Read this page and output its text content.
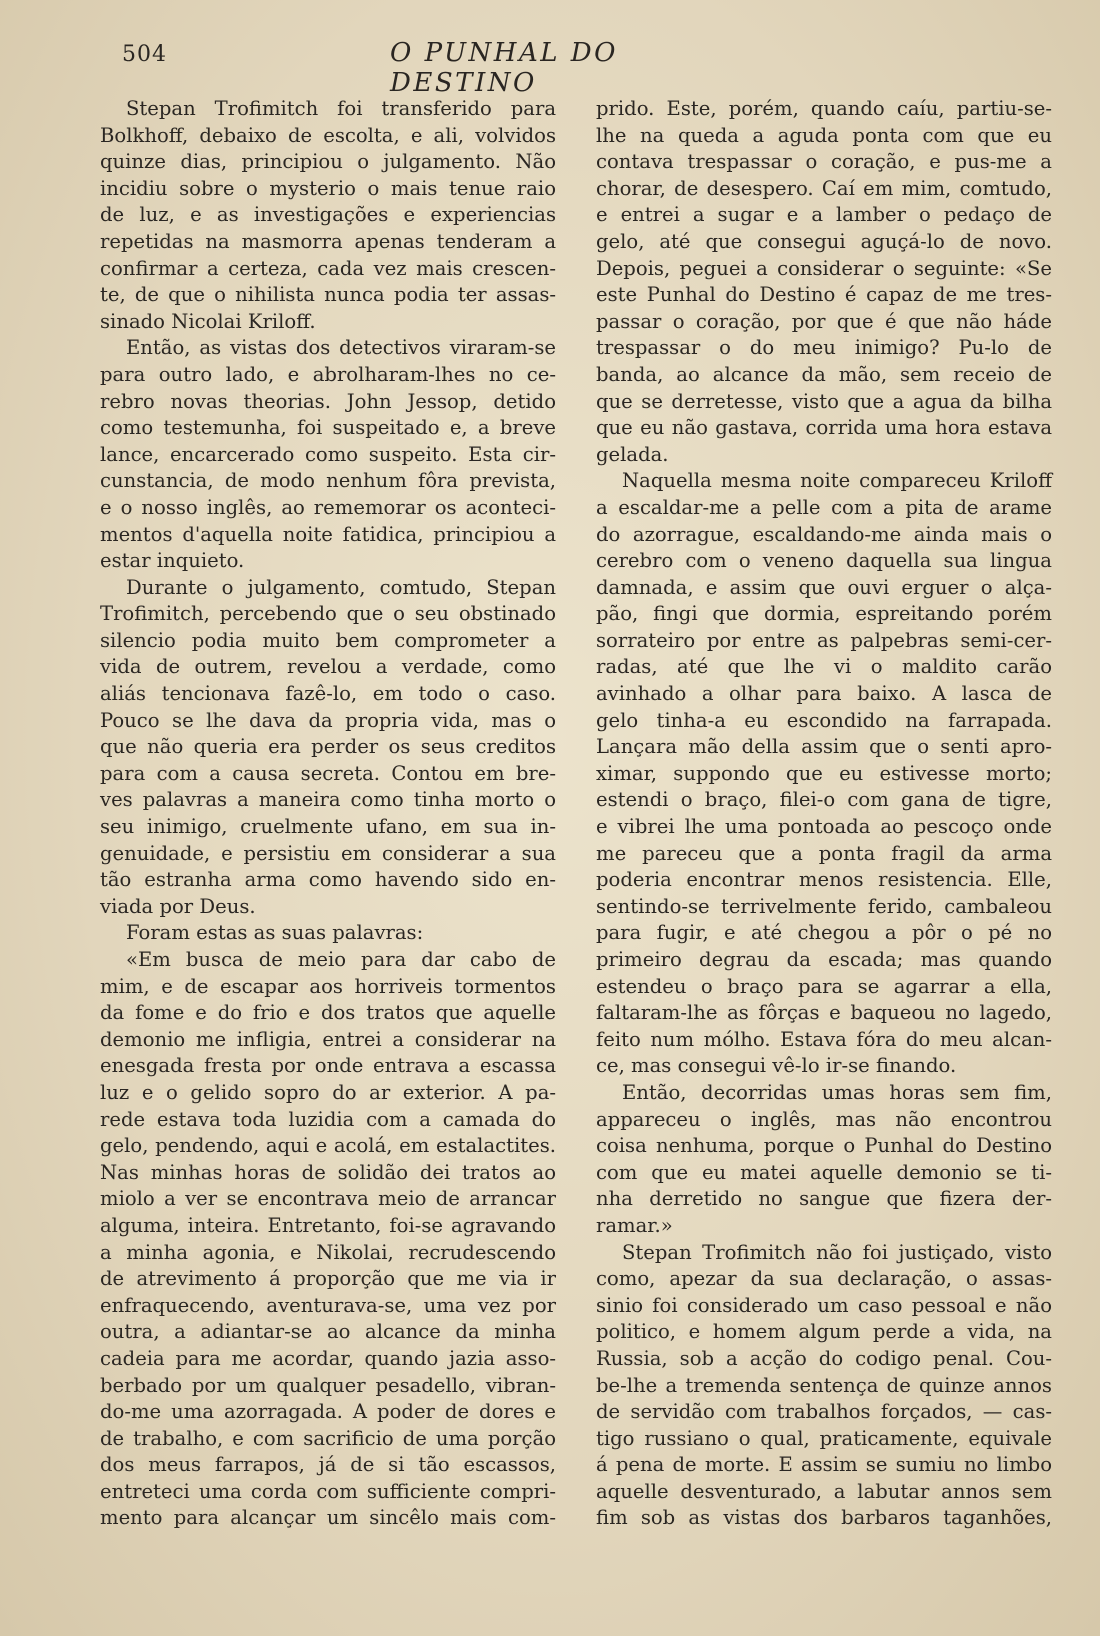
504	O PUNHAL DO DESTINO
Stepan Trofimitch foi transferido para
Bolkhoff, debaixo de escolta, e ali, volvidos
quinze dias, principiou o julgamento. Não
incidiu sobre o mysterio o mais tenue raio
de luz, e as investigações e experiencias
repetidas na masmorra apenas tenderam a
confirmar a certeza, cada vez mais crescen-
te, de que o nihilista nunca podia ter assas-
sinado Nicolai Kriloff.
Então, as vistas dos detectivos viraram-se
para outro lado, e abrolharam-lhes no ce-
rebro novas theorias. John Jessop, detido
como testemunha, foi suspeitado e, a breve
lance, encarcerado como suspeito. Esta cir-
cunstancia, de modo nenhum fôra prevista,
e o nosso inglês, ao rememorar os aconteci-
mentos d'aquella noite fatidica, principiou a
estar inquieto.
Durante o julgamento, comtudo, Stepan
Trofimitch, percebendo que o seu obstinado
silencio podia muito bem comprometer a
vida de outrem, revelou a verdade, como
aliás tencionava fazê-lo, em todo o caso.
Pouco se lhe dava da propria vida, mas o
que não queria era perder os seus creditos
para com a causa secreta. Contou em bre-
ves palavras a maneira como tinha morto o
seu inimigo, cruelmente ufano, em sua in-
genuidade, e persistiu em considerar a sua
tão estranha arma como havendo sido en-
viada por Deus.
Foram estas as suas palavras:
«Em busca de meio para dar cabo de
mim, e de escapar aos horriveis tormentos
da fome e do frio e dos tratos que aquelle
demonio me infligia, entrei a considerar na
enesgada fresta por onde entrava a escassa
luz e o gelido sopro do ar exterior. A pa-
rede estava toda luzidia com a camada do
gelo, pendendo, aqui e acolá, em estalactites.
Nas minhas horas de solidão dei tratos ao
miolo a ver se encontrava meio de arrancar
alguma, inteira. Entretanto, foi-se agravando
a minha agonia, e Nikolai, recrudescendo
de atrevimento á proporção que me via ir
enfraquecendo, aventurava-se, uma vez por
outra, a adiantar-se ao alcance da minha
cadeia para me acordar, quando jazia asso-
berbado por um qualquer pesadello, vibran-
do-me uma azorragada. A poder de dores e
de trabalho, e com sacrificio de uma porção
dos meus farrapos, já de si tão escassos,
entreteci uma corda com sufficiente compri-
mento para alcançar um sincêlo mais com-
prido. Este, porém, quando caíu, partiu-se-
lhe na queda a aguda ponta com que eu
contava trespassar o coração, e pus-me a
chorar, de desespero. Caí em mim, comtudo,
e entrei a sugar e a lamber o pedaço de
gelo, até que consegui aguçá-lo de novo.
Depois, peguei a considerar o seguinte: «Se
este Punhal do Destino é capaz de me tres-
passar o coração, por que é que não háde
trespassar o do meu inimigo? Pu-lo de
banda, ao alcance da mão, sem receio de
que se derretesse, visto que a agua da bilha
que eu não gastava, corrida uma hora estava
gelada.
Naquella mesma noite compareceu Kriloff
a escaldar-me a pelle com a pita de arame
do azorrague, escaldando-me ainda mais o
cerebro com o veneno daquella sua lingua
damnada, e assim que ouvi erguer o alça-
pão, fingi que dormia, espreitando porém
sorrateiro por entre as palpebras semi-cer-
radas, até que lhe vi o maldito carão
avinhado a olhar para baixo. A lasca de
gelo tinha-a eu escondido na farrapada.
Lançara mão della assim que o senti apro-
ximar, suppondo que eu estivesse morto;
estendi o braço, filei-o com gana de tigre,
e vibrei lhe uma pontoada ao pescoço onde
me pareceu que a ponta fragil da arma
poderia encontrar menos resistencia. Elle,
sentindo-se terrivelmente ferido, cambaleou
para fugir, e até chegou a pôr o pé no
primeiro degrau da escada; mas quando
estendeu o braço para se agarrar a ella,
faltaram-lhe as fôrças e baqueou no lagedo,
feito num mólho. Estava fóra do meu alcan-
ce, mas consegui vê-lo ir-se finando.
Então, decorridas umas horas sem fim,
appareceu o inglês, mas não encontrou
coisa nenhuma, porque o Punhal do Destino
com que eu matei aquelle demonio se ti-
nha derretido no sangue que fizera der-
ramar.»
Stepan Trofimitch não foi justiçado, visto
como, apezar da sua declaração, o assas-
sinio foi considerado um caso pessoal e não
politico, e homem algum perde a vida, na
Russia, sob a acção do codigo penal. Cou-
be-lhe a tremenda sentença de quinze annos
de servidão com trabalhos forçados, — cas-
tigo russiano o qual, praticamente, equivale
á pena de morte. E assim se sumiu no limbo
aquelle desventurado, a labutar annos sem
fim sob as vistas dos barbaros taganhões,
